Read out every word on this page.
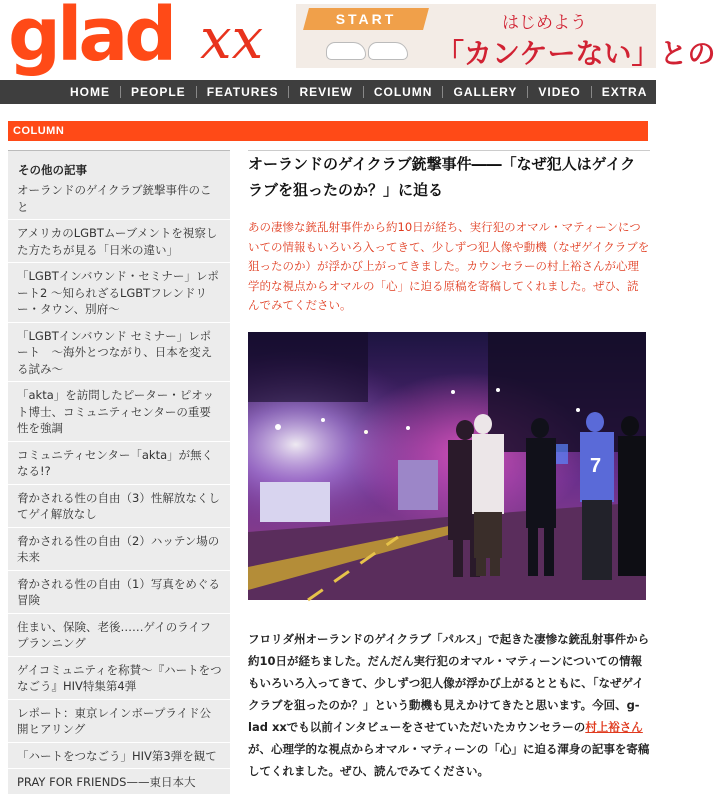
glad xx	START	はじめよう
「カンケーない」との
HOME	PEOPLE	FEATURES	REVIEW	COLUMN	GALLERY	VIDEO	EXTRA
COLUMN
その他の記事
オーランドのゲイクラブ銃撃事件のこと
アメリカのLGBTムーブメントを視察した方たちが見る「日米の違い」
「LGBTインバウンド・セミナー」レポート2 〜知られざるLGBTフレンドリー・タウン、別府〜
「LGBTインバウンド セミナー」レポート　〜海外とつながり、日本を変える試み〜
「akta」を訪問したピーター・ピオット博士、コミュニティセンターの重要性を強調
コミュニティセンター「akta」が無くなる!?
脅かされる性の自由（3）性解放なくしてゲイ解放なし
脅かされる性の自由（2）ハッテン場の未来
脅かされる性の自由（1）写真をめぐる冒険
住まい、保険、老後……ゲイのライフプランニング
ゲイコミュニティを称賛〜『ハートをつなごう』HIV特集第4弾
レポート：東京レインボープライド公開ヒアリング
「ハートをつなごう」HIV第3弾を観て
PRAY FOR FRIENDS——東日本大
オーランドのゲイクラブ銃撃事件――「なぜ犯人はゲイクラブを狙ったのか？」に迫る
あの凄惨な銃乱射事件から約10日が経ち、実行犯のオマル・マティーンについての情報もいろいろ入ってきて、少しずつ犯人像や動機（なぜゲイクラブを狙ったのか）が浮かび上がってきました。カウンセラーの村上裕さんが心理学的な視点からオマルの「心」に迫る原稿を寄稿してくれました。ぜひ、読んでみてください。
7
フロリダ州オーランドのゲイクラブ「パルス」で起きた凄惨な銃乱射事件から約10日が経ちました。だんだん実行犯のオマル・マティーンについての情報もいろいろ入ってきて、少しずつ犯人像が浮かび上がるとともに、「なぜゲイクラブを狙ったのか？」という動機も見えかけてきたと思います。今回、g-lad xxでも以前インタビューをさせていただいたカウンセラーの村上裕さんが、心理学的な視点からオマル・マティーンの「心」に迫る渾身の記事を寄稿してくれました。ぜひ、読んでみてください。
